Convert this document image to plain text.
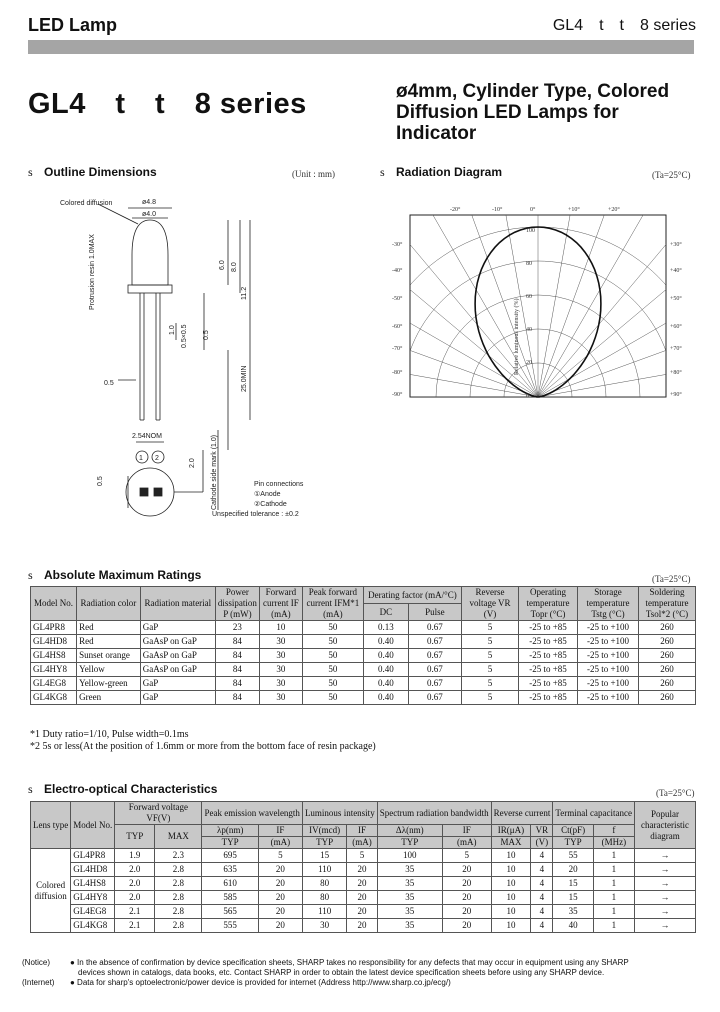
LED Lamp	GL4 t t 8 series
GL4 t t 8 series	ø4mm, Cylinder Type, Colored
Diffusion LED Lamps for
Indicator
s Outline Dimensions	(Unit : mm)	s Radiation Diagram	(Ta=25°C)
Colored diffusion	ø4.8
ø4.0
Protrusion resin 1.0MAX	6.0 8.0
11.2
1.0 0.5×0.5 0.5
25.0MIN
0.5
2.54NOM
1 2	2.0
0.5	Cathode side mark (1.0)	Pin connections
①Anode
②Cathode
Unspecified tolerance : ±0.2
-20°	-10°	0°	+10°	+20°
-30°
-40°
-50°
-60°
-70°
-80°
-90°
+30°
+40°
+50°
+60°
+70°
+80°
+90°
100
80
60
40
20
0
Relative luminous intensity (%)
s Absolute Maximum Ratings	(Ta=25°C)
Model No.	Radiation color	Radiation material	Power dissipation P (mW)	Forward current IF (mA)	Peak forward current IFM*1 (mA)	Derating factor (mA/°C)		Reverse voltage VR (V)	Operating temperature Topr (°C)	Storage temperature Tstg (°C)	Soldering temperature Tsol*2 (°C)
						DC	Pulse				
GL4PR8	Red	GaP	23	10	50	0.13	0.67	5	-25 to +85	-25 to +100	260
GL4HD8	Red	GaAsP on GaP	84	30	50	0.40	0.67	5	-25 to +85	-25 to +100	260
GL4HS8	Sunset orange	GaAsP on GaP	84	30	50	0.40	0.67	5	-25 to +85	-25 to +100	260
GL4HY8	Yellow	GaAsP on GaP	84	30	50	0.40	0.67	5	-25 to +85	-25 to +100	260
GL4EG8	Yellow-green	GaP	84	30	50	0.40	0.67	5	-25 to +85	-25 to +100	260
GL4KG8	Green	GaP	84	30	50	0.40	0.67	5	-25 to +85	-25 to +100	260
*1 Duty ratio=1/10, Pulse width=0.1ms
*2 5s or less(At the position of 1.6mm or more from the bottom face of resin package)
s Electro-optical Characteristics	(Ta=25°C)
Lens type	Model No.	Forward voltage VF(V)		Peak emission wavelength		Luminous intensity		Spectrum radiation bandwidth		Reverse current		Terminal capacitance		Popular characteristic diagram
		TYP	MAX	λp(nm)	IF	IV(mcd)	IF	Δλ(nm)	IF	IR(μA)	VR	Ct(pF)	f	
				TYP	(mA)	TYP	(mA)	TYP	(mA)	MAX	(V)	TYP	(MHz)	

Colored
diffusion	GL4PR8	1.9	2.3	695	5	15	5	100	5	10	4	55	1	→
	GL4HD8	2.0	2.8	635	20	110	20	35	20	10	4	20	1	→
	GL4HS8	2.0	2.8	610	20	80	20	35	20	10	4	15	1	→
	GL4HY8	2.0	2.8	585	20	80	20	35	20	10	4	15	1	→
	GL4EG8	2.1	2.8	565	20	110	20	35	20	10	4	35	1	→
	GL4KG8	2.1	2.8	555	20	30	20	35	20	10	4	40	1	→
(Notice) ● In the absence of confirmation by device specification sheets, SHARP takes no responsibility for any defects that may occur in equipment using any SHARP
devices shown in catalogs, data books, etc. Contact SHARP in order to obtain the latest device specification sheets before using any SHARP device.
(Internet) ● Data for sharp's optoelectronic/power device is provided for internet (Address http://www.sharp.co.jp/ecg/)
